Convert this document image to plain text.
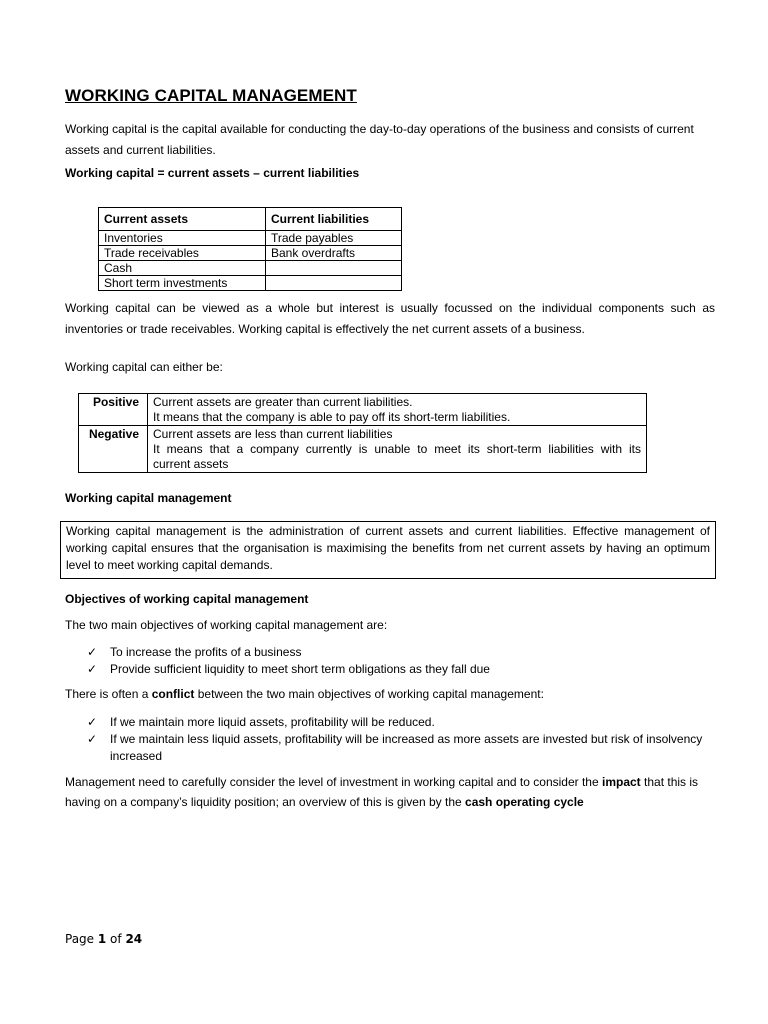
WORKING CAPITAL MANAGEMENT

Working capital is the capital available for conducting the day-to-day operations of the business and consists of current
assets and current liabilities.

Working capital = current assets – current liabilities

Current assets	Current liabilities
Inventories	Trade payables
Trade receivables	Bank overdrafts
Cash	
Short term investments	

Working capital can be viewed as a whole but interest is usually focussed on the individual components such as
inventories or trade receivables. Working capital is effectively the net current assets of a business.

Working capital can either be:

Positive	Current assets are greater than current liabilities.
It means that the company is able to pay off its short-term liabilities.
Negative	Current assets are less than current liabilities

It means that a company currently is unable to meet its short-term liabilities with its
current assets

Working capital management

Working capital management is the administration of current assets and current liabilities. Effective management of working capital ensures that the organisation is maximising the benefits from net current assets by having an optimum level to meet working capital demands.

Objectives of working capital management

The two main objectives of working capital management are:

✓ To increase the profits of a business
✓ Provide sufficient liquidity to meet short term obligations as they fall due

There is often a conflict between the two main objectives of working capital management:

✓ If we maintain more liquid assets, profitability will be reduced.
✓ If we maintain less liquid assets, profitability will be increased as more assets are invested but risk of insolvency increased

Management need to carefully consider the level of investment in working capital and to consider the impact that this is having on a company’s liquidity position; an overview of this is given by the cash operating cycle

Page 1 of 24
